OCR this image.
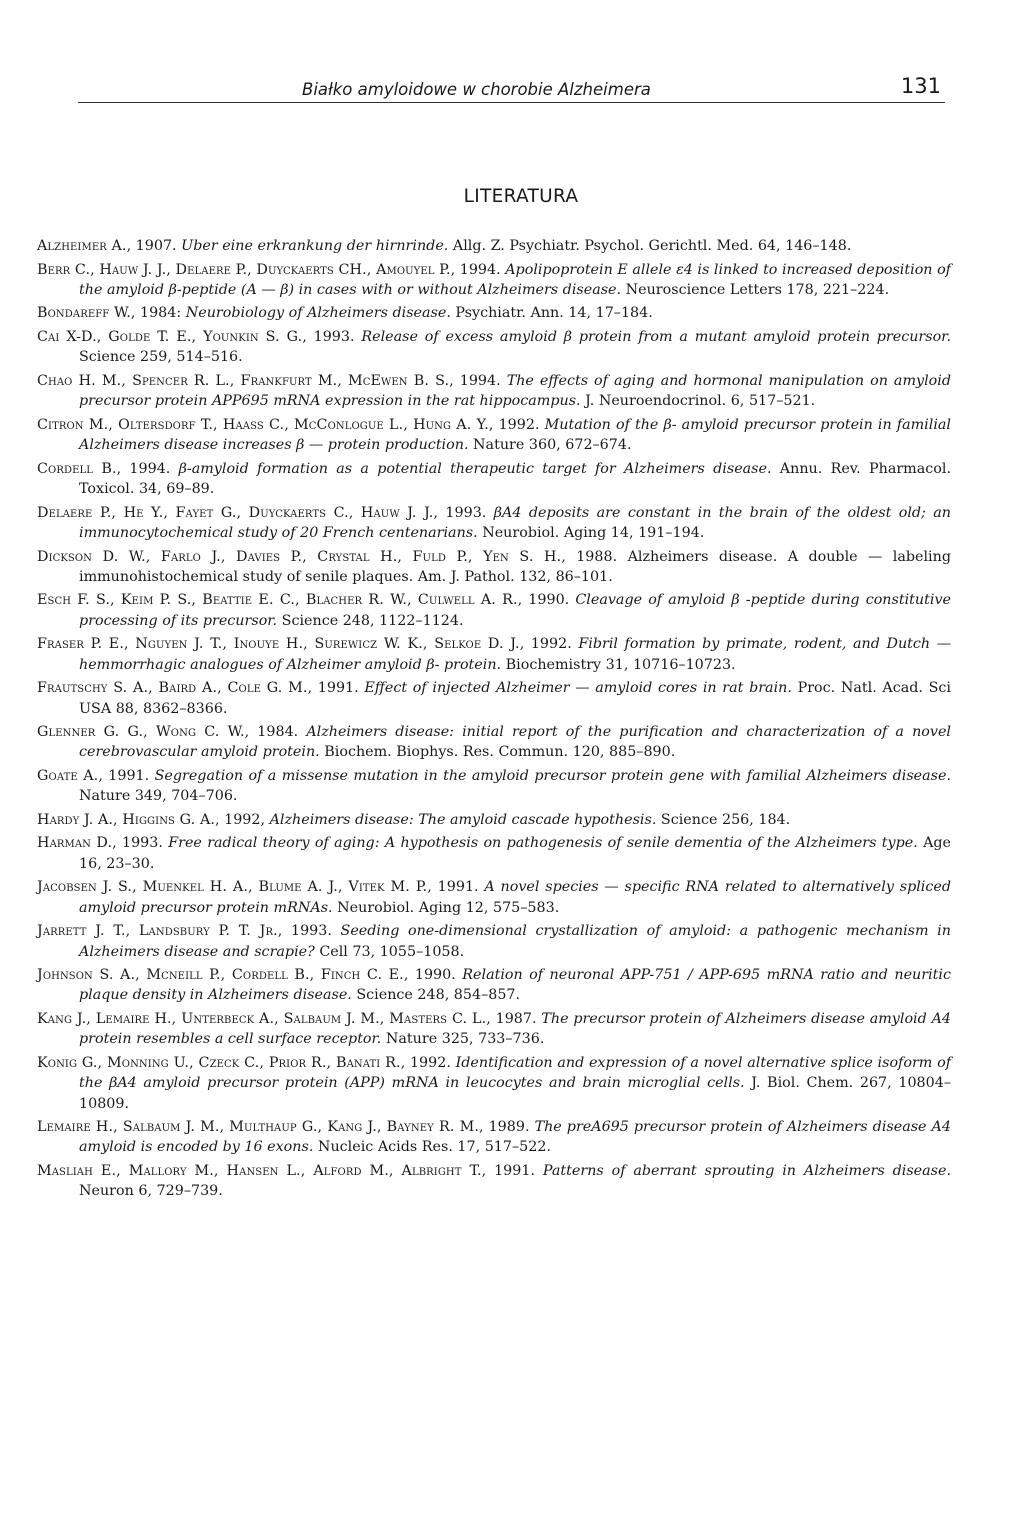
Białko amyloidowe w chorobie Alzheimera	131
LITERATURA
Alzheimer A., 1907. Uber eine erkrankung der hirnrinde. Allg. Z. Psychiatr. Psychol. Gerichtl. Med. 64, 146–148.
Berr C., Hauw J. J., Delaere P., Duyckaerts CH., Amouyel P., 1994. Apolipoprotein E allele ε4 is linked to increased deposition of the amyloid β-peptide (A — β) in cases with or without Alzheimers disease. Neuroscience Letters 178, 221–224.
Bondareff W., 1984: Neurobiology of Alzheimers disease. Psychiatr. Ann. 14, 17–184.
Cai X-D., Golde T. E., Younkin S. G., 1993. Release of excess amyloid β protein from a mutant amyloid protein precursor. Science 259, 514–516.
Chao H. M., Spencer R. L., Frankfurt M., McEwen B. S., 1994. The effects of aging and hormonal manipulation on amyloid precursor protein APP695 mRNA expression in the rat hippocampus. J. Neuroendocrinol. 6, 517–521.
Citron M., Oltersdorf T., Haass C., McConlogue L., Hung A. Y., 1992. Mutation of the β- amyloid precursor protein in familial Alzheimers disease increases β — protein production. Nature 360, 672–674.
Cordell B., 1994. β-amyloid formation as a potential therapeutic target for Alzheimers disease. Annu. Rev. Pharmacol. Toxicol. 34, 69–89.
Delaere P., He Y., Fayet G., Duyckaerts C., Hauw J. J., 1993. βA4 deposits are constant in the brain of the oldest old; an immunocytochemical study of 20 French centenarians. Neurobiol. Aging 14, 191–194.
Dickson D. W., Farlo J., Davies P., Crystal H., Fuld P., Yen S. H., 1988. Alzheimers disease. A double — labeling immunohistochemical study of senile plaques. Am. J. Pathol. 132, 86–101.
Esch F. S., Keim P. S., Beattie E. C., Blacher R. W., Culwell A. R., 1990. Cleavage of amyloid β -peptide during constitutive processing of its precursor. Science 248, 1122–1124.
Fraser P. E., Nguyen J. T., Inouye H., Surewicz W. K., Selkoe D. J., 1992. Fibril formation by primate, rodent, and Dutch — hemmorrhagic analogues of Alzheimer amyloid β- protein. Biochemistry 31, 10716–10723.
Frautschy S. A., Baird A., Cole G. M., 1991. Effect of injected Alzheimer — amyloid cores in rat brain. Proc. Natl. Acad. Sci USA 88, 8362–8366.
Glenner G. G., Wong C. W., 1984. Alzheimers disease: initial report of the purification and characterization of a novel cerebrovascular amyloid protein. Biochem. Biophys. Res. Commun. 120, 885–890.
Goate A., 1991. Segregation of a missense mutation in the amyloid precursor protein gene with familial Alzheimers disease. Nature 349, 704–706.
Hardy J. A., Higgins G. A., 1992, Alzheimers disease: The amyloid cascade hypothesis. Science 256, 184.
Harman D., 1993. Free radical theory of aging: A hypothesis on pathogenesis of senile dementia of the Alzheimers type. Age 16, 23–30.
Jacobsen J. S., Muenkel H. A., Blume A. J., Vitek M. P., 1991. A novel species — specific RNA related to alternatively spliced amyloid precursor protein mRNAs. Neurobiol. Aging 12, 575–583.
Jarrett J. T., Landsbury P. T. Jr., 1993. Seeding one-dimensional crystallization of amyloid: a pathogenic mechanism in Alzheimers disease and scrapie? Cell 73, 1055–1058.
Johnson S. A., Mcneill P., Cordell B., Finch C. E., 1990. Relation of neuronal APP-751 / APP-695 mRNA ratio and neuritic plaque density in Alzheimers disease. Science 248, 854–857.
Kang J., Lemaire H., Unterbeck A., Salbaum J. M., Masters C. L., 1987. The precursor protein of Alzheimers disease amyloid A4 protein resembles a cell surface receptor. Nature 325, 733–736.
Konig G., Monning U., Czeck C., Prior R., Banati R., 1992. Identification and expression of a novel alternative splice isoform of the βA4 amyloid precursor protein (APP) mRNA in leucocytes and brain microglial cells. J. Biol. Chem. 267, 10804–10809.
Lemaire H., Salbaum J. M., Multhaup G., Kang J., Bayney R. M., 1989. The preA695 precursor protein of Alzheimers disease A4 amyloid is encoded by 16 exons. Nucleic Acids Res. 17, 517–522.
Masliah E., Mallory M., Hansen L., Alford M., Albright T., 1991. Patterns of aberrant sprouting in Alzheimers disease. Neuron 6, 729–739.
